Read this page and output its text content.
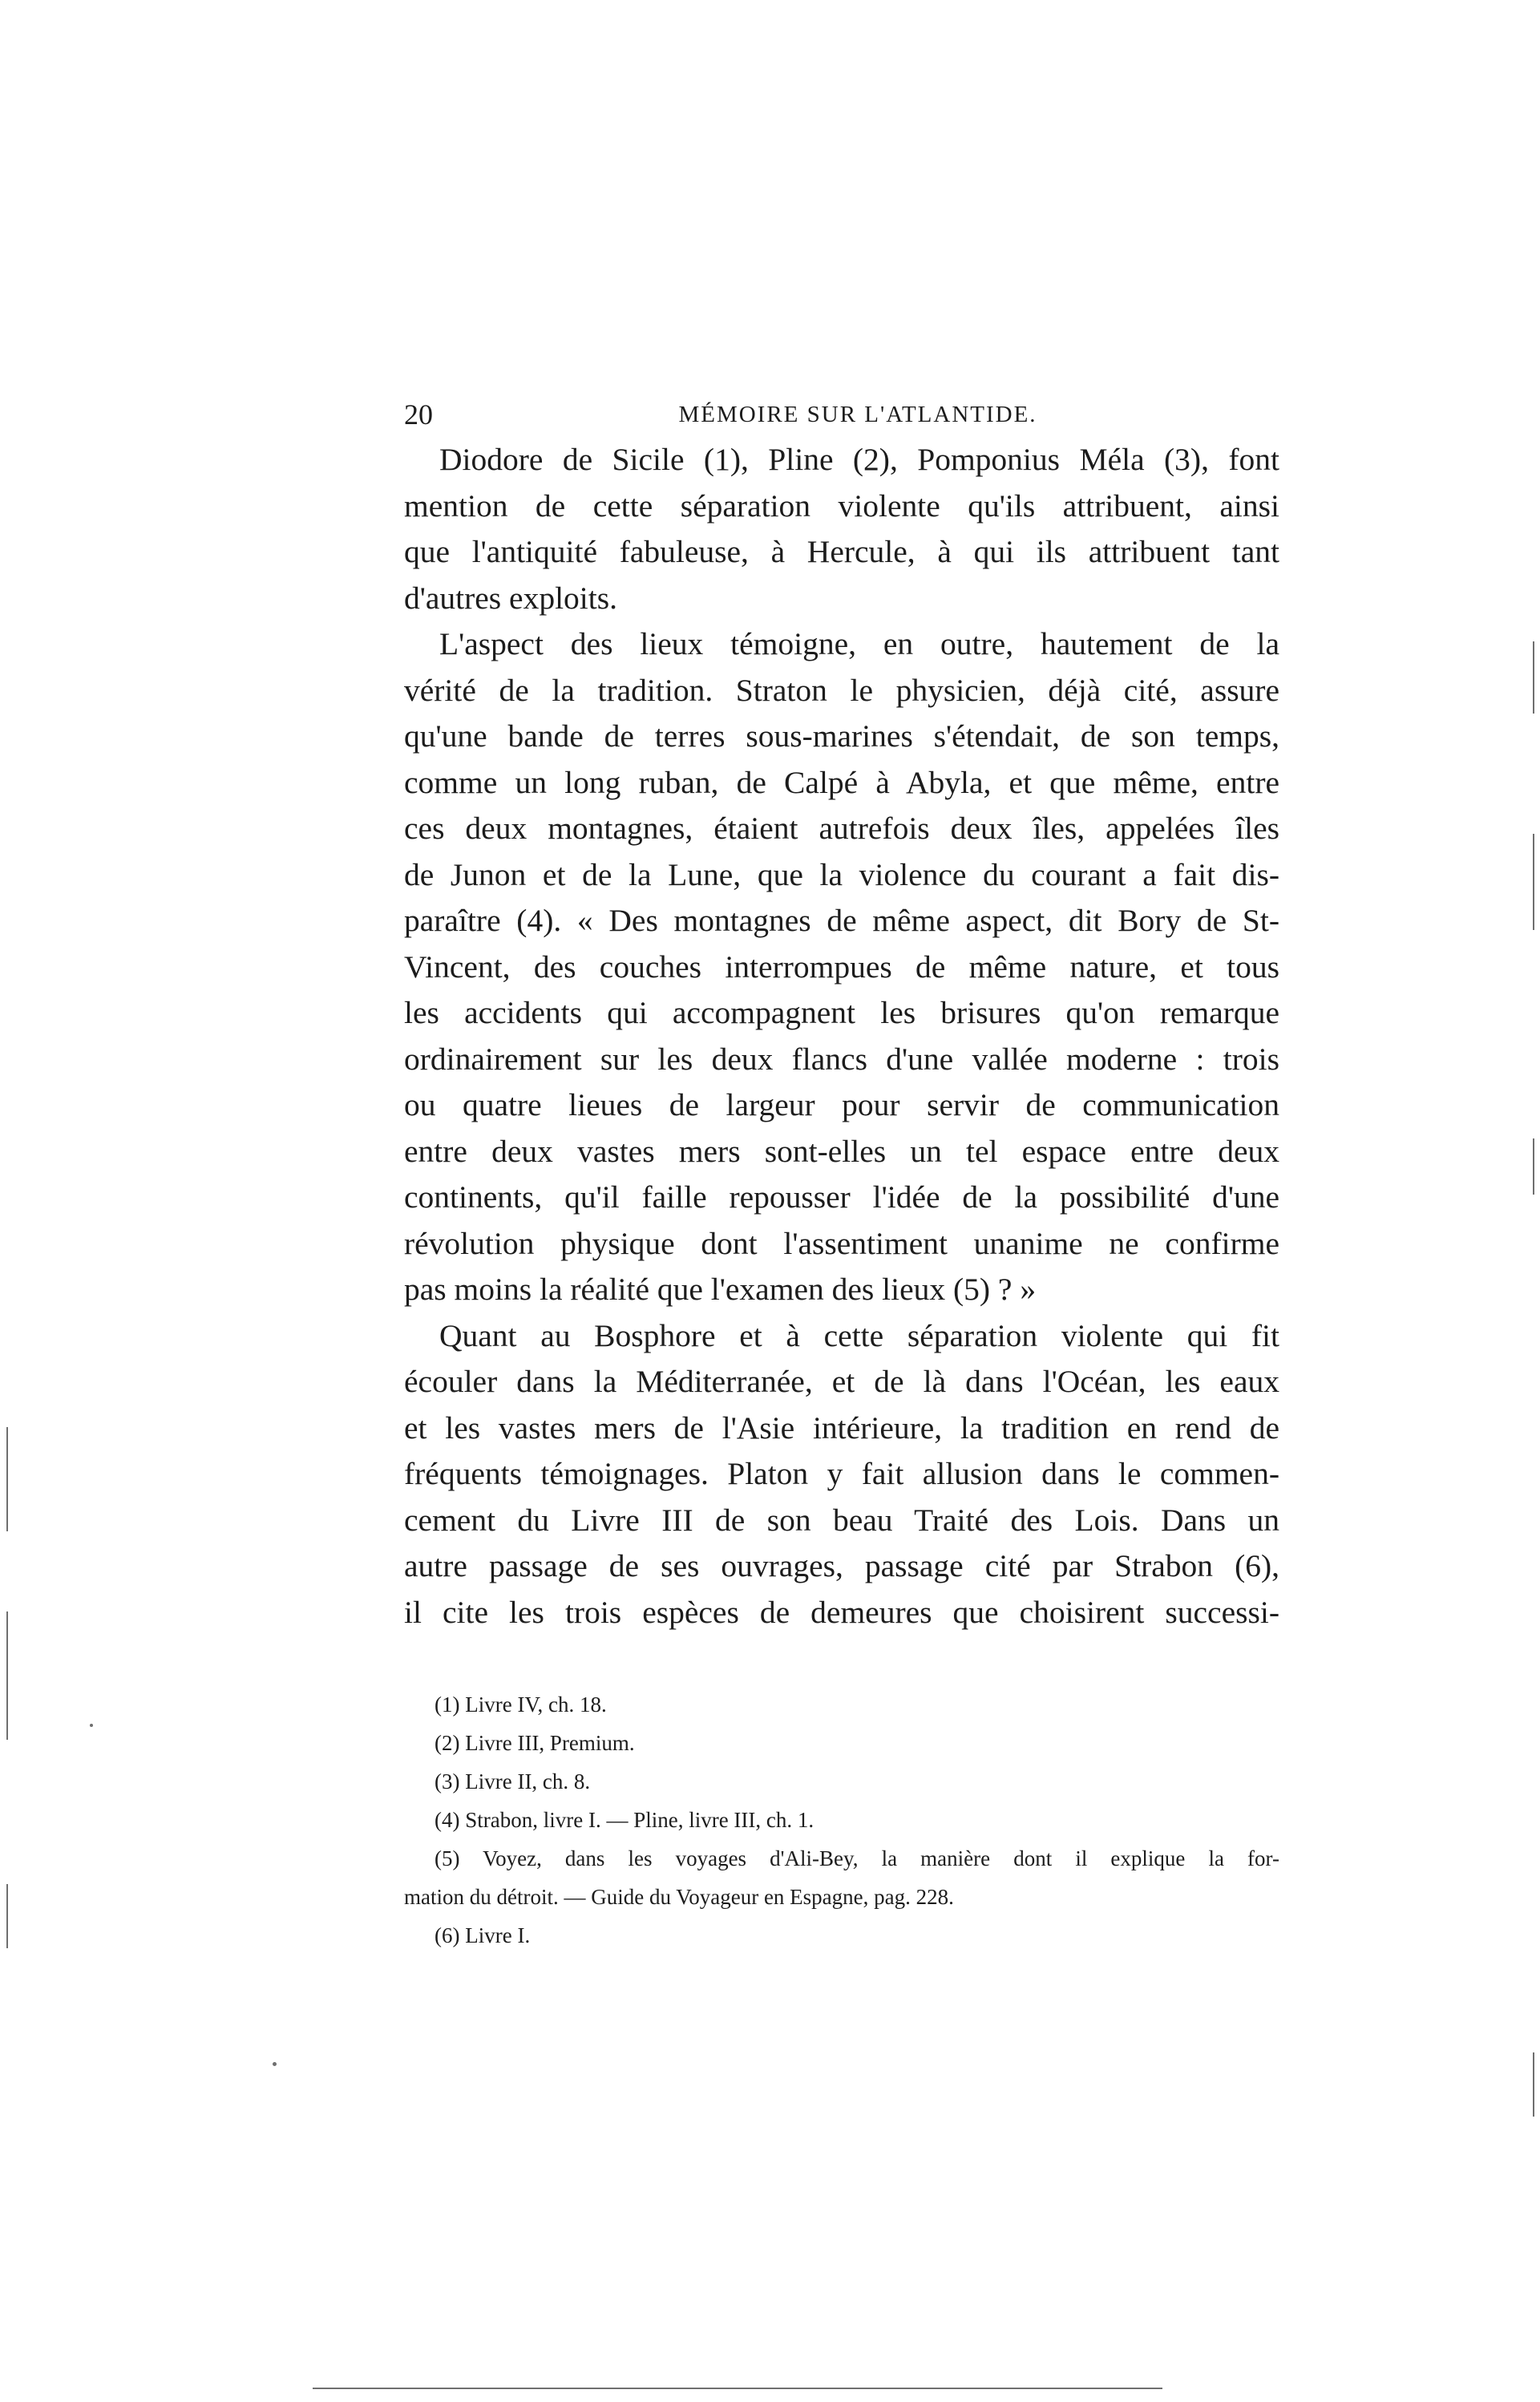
20	MÉMOIRE SUR L'ATLANTIDE.
Diodore de Sicile (1), Pline (2), Pomponius Méla (3), font
mention de cette séparation violente qu'ils attribuent, ainsi
que l'antiquité fabuleuse, à Hercule, à qui ils attribuent tant
d'autres exploits.
L'aspect des lieux témoigne, en outre, hautement de la
vérité de la tradition. Straton le physicien, déjà cité, assure
qu'une bande de terres sous-marines s'étendait, de son temps,
comme un long ruban, de Calpé à Abyla, et que même, entre
ces deux montagnes, étaient autrefois deux îles, appelées îles
de Junon et de la Lune, que la violence du courant a fait dis-
paraître (4). « Des montagnes de même aspect, dit Bory de St-
Vincent, des couches interrompues de même nature, et tous
les accidents qui accompagnent les brisures qu'on remarque
ordinairement sur les deux flancs d'une vallée moderne : trois
ou quatre lieues de largeur pour servir de communication
entre deux vastes mers sont-elles un tel espace entre deux
continents, qu'il faille repousser l'idée de la possibilité d'une
révolution physique dont l'assentiment unanime ne confirme
pas moins la réalité que l'examen des lieux (5) ? »
Quant au Bosphore et à cette séparation violente qui fit
écouler dans la Méditerranée, et de là dans l'Océan, les eaux
et les vastes mers de l'Asie intérieure, la tradition en rend de
fréquents témoignages. Platon y fait allusion dans le commen-
cement du Livre III de son beau Traité des Lois. Dans un
autre passage de ses ouvrages, passage cité par Strabon (6),
il cite les trois espèces de demeures que choisirent successi-
(1) Livre IV, ch. 18.
(2) Livre III, Premium.
(3) Livre II, ch. 8.
(4) Strabon, livre I. — Pline, livre III, ch. 1.
(5) Voyez, dans les voyages d'Ali-Bey, la manière dont il explique la for-
mation du détroit. — Guide du Voyageur en Espagne, pag. 228.
(6) Livre I.
